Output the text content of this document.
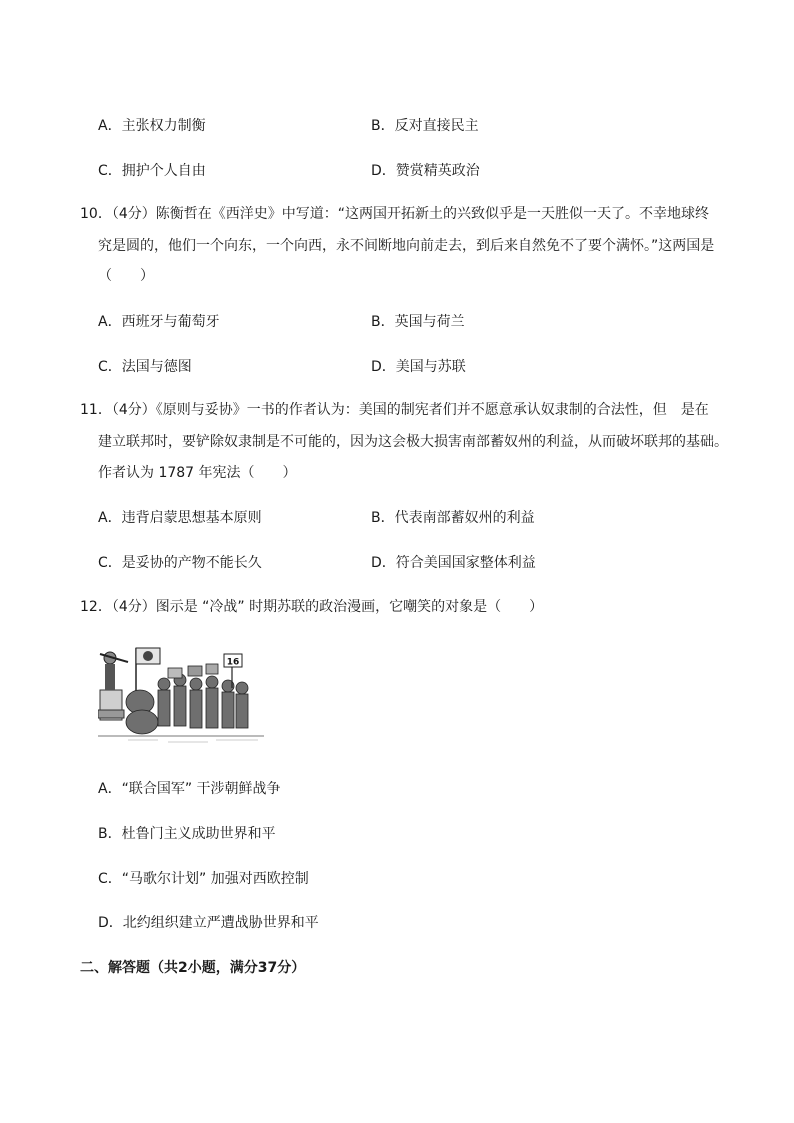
A．主张权力制衡	B．反对直接民主
C．拥护个人自由	D．赞赏精英政治
10．（4分）陈衡哲在《西洋史》中写道：“这两国开拓新土的兴致似乎是一天胜似一天了。不幸地球终
究是圆的，他们一个向东，一个向西，永不间断地向前走去，到后来自然免不了要个满怀。”这两国是
（　　）
A．西班牙与葡萄牙	B．英国与荷兰
C．法国与德图	D．美国与苏联
11．（4分）《原则与妥协》一书的作者认为：美国的制宪者们并不愿意承认奴隶制的合法性，但　是在
建立联邦时，要铲除奴隶制是不可能的，因为这会极大损害南部蓄奴州的利益，从而破坏联邦的基础。
作者认为 1787 年宪法（　　）
A．违背启蒙思想基本原则	B．代表南部蓄奴州的利益
C．是妥协的产物不能长久	D．符合美国国家整体利益
12．（4分）图示是 “冷战” 时期苏联的政治漫画，它嘲笑的对象是（　　）
16
A．“联合国军” 干涉朝鲜战争
B．杜鲁门主义成助世界和平
C．“马歌尔计划” 加强对西欧控制
D．北约组织建立严遭战胁世界和平
二、解答题（共2小题，满分37分）
